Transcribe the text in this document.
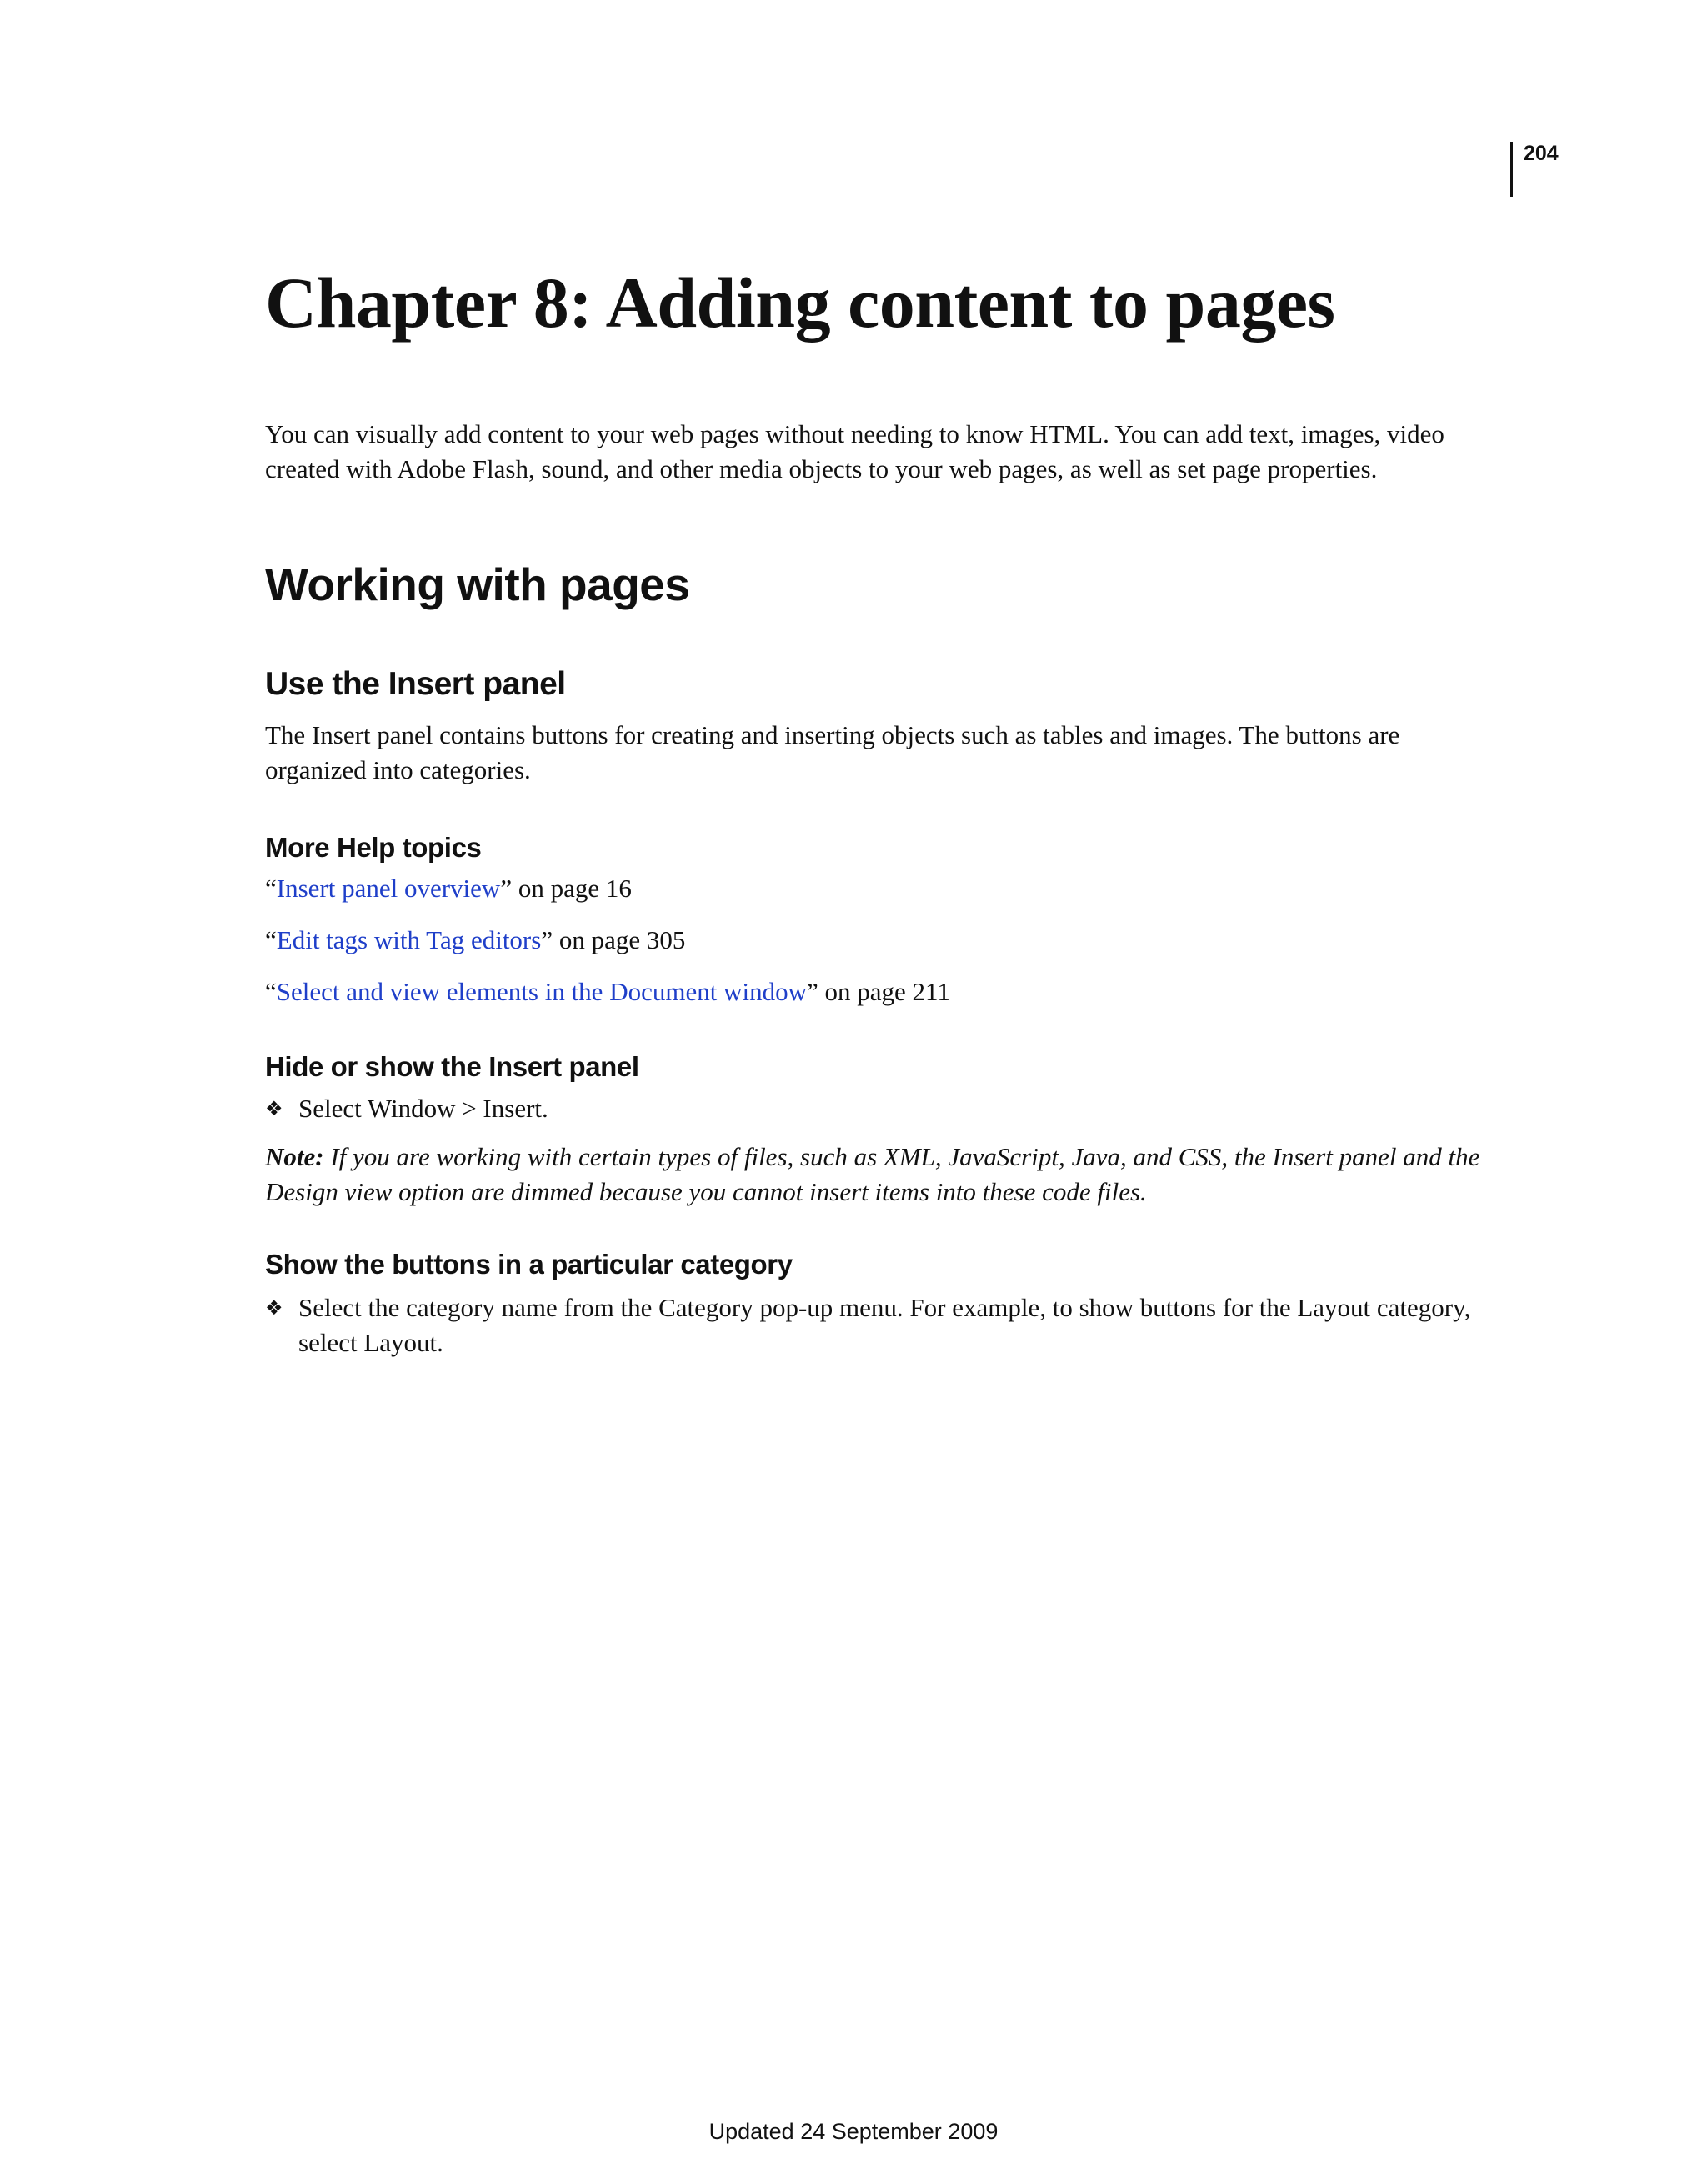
204
Chapter 8: Adding content to pages

You can visually add content to your web pages without needing to know HTML. You can add text, images, video created with Adobe Flash, sound, and other media objects to your web pages, as well as set page properties.

Working with pages
Use the Insert panel

The Insert panel contains buttons for creating and inserting objects such as tables and images. The buttons are organized into categories.

More Help topics
“Insert panel overview” on page 16
“Edit tags with Tag editors” on page 305
“Select and view elements in the Document window” on page 211
Hide or show the Insert panel
❖ Select Window > Insert.

Note: If you are working with certain types of files, such as XML, JavaScript, Java, and CSS, the Insert panel and the Design view option are dimmed because you cannot insert items into these code files.

Show the buttons in a particular category
❖ Select the category name from the Category pop-up menu. For example, to show buttons for the Layout category, select Layout.
Updated 24 September 2009
